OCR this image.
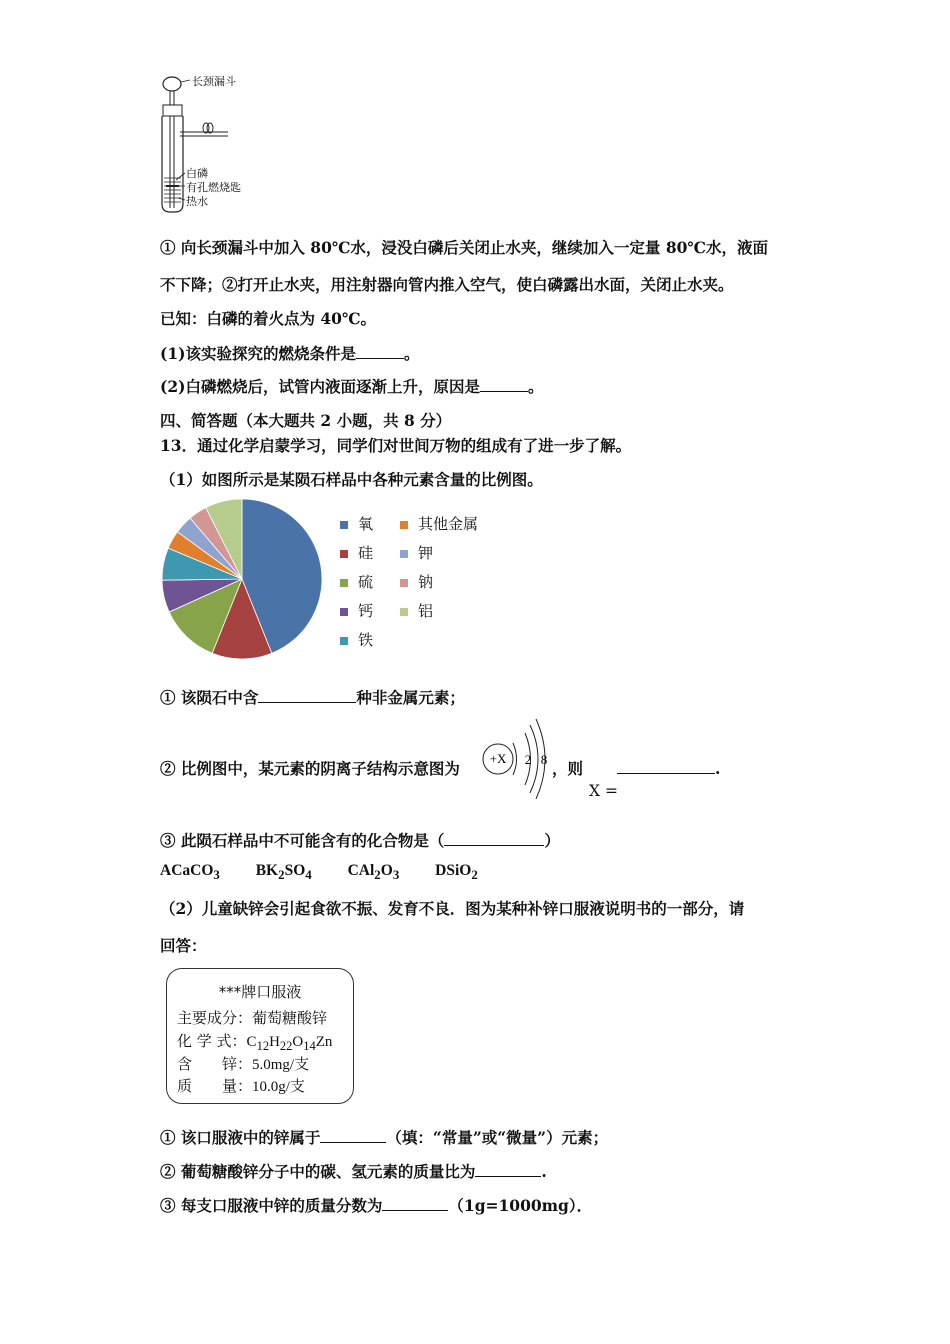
长颈漏斗
白磷
有孔燃烧匙
热水
① 向长颈漏斗中加入 80℃水，浸没白磷后关闭止水夹，继续加入一定量 80℃水，液面
不下降；②打开止水夹，用注射器向管内推入空气，使白磷露出水面，关闭止水夹。
已知：白磷的着火点为 40℃。
(1)该实验探究的燃烧条件是	。
(2)白磷燃烧后，试管内液面逐渐上升，原因是	。
四、简答题（本大题共 2 小题，共 8 分）
13．通过化学启蒙学习，同学们对世间万物的组成有了进一步了解。
（1）如图所示是某陨石样品中各种元素含量的比例图。
氧
硅
硫
钙
铁
其他金属
钾
钠
铝
① 该陨石中含	种非金属元素；
② 比例图中，某元素的阴离子结构示意图为
+X 2 8 ，则	.
X =
③ 此陨石样品中不可能含有的化合物是（	）
ACaCO$_3$ $BK_2SO_4$ $CAl_2O_3$ DSiO$_2$
（2）儿童缺锌会引起食欲不振、发育不良．图为某种补锌口服液说明书的一部分，请
回答：
***牌口服液
主要成分：葡萄糖酸锌
化 学 式：$C_{12}H_{22}O_{14}Zn$
含　　锌：5.0mg/支
质　　量：10.0g/支
① 该口服液中的锌属于	（填：“常量”或“微量”）元素；
② 葡萄糖酸锌分子中的碳、氢元素的质量比为	.
③ 每支口服液中锌的质量分数为	（1g=1000mg）．
